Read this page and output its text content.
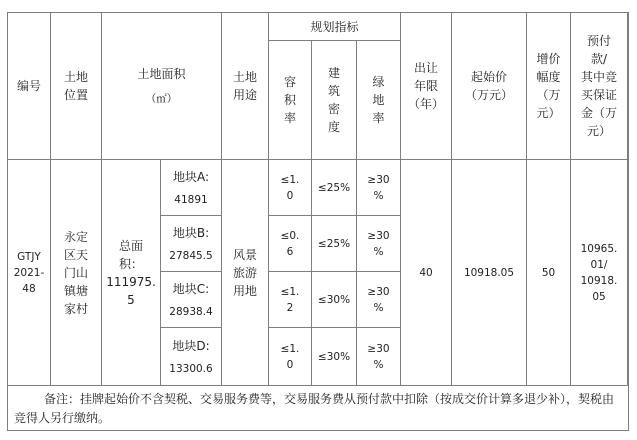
编号
土地
位置
土地面积
（㎡）
土地
用途
规划指标
容
积
率
建
筑
密
度
绿
地
率
出让
年限
（年）
起始价
（万元）
增价
幅度
（万
元）
预付
款/
其中竞
买保证
金（万
元）
GTJY
2021-
48
永定
区天
门山
镇塘
家村
总面
积：
111975.
5
地块A:
41891
地块B:
27845.5
地块C:
28938.4
地块D:
13300.6
风景
旅游
用地
≤1.
0
≤25%
≥30
%
≤0.
6
≤25%
≥30
%
≤1.
2
≤30%
≥30
%
≤1.
0
≤30%
≥30
%
40	10918.05	50
10965.
01/
10918.
05
备注：挂牌起始价不含契税、交易服务费等，交易服务费从预付款中扣除（按成交价计算多退少补），契税由竞得人另行缴纳。
